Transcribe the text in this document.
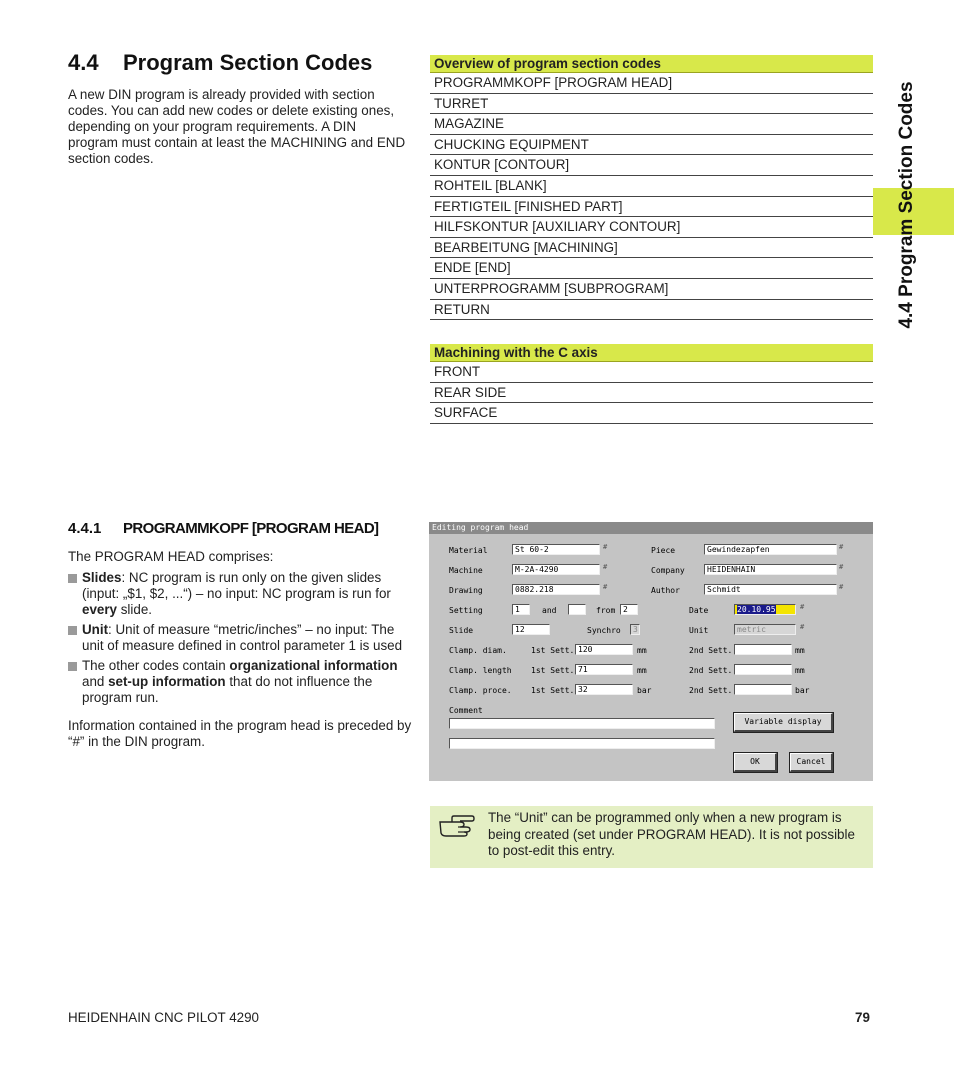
4.4 Program Section Codes
A new DIN program is already provided with section codes. You can add new codes or delete existing ones, depending on your program requirements. A DIN program must contain at least the MACHINING and END section codes.	4.4 Program Section Codes
Overview of program section codes
PROGRAMMKOPF [PROGRAM HEAD]
TURRET
MAGAZINE
CHUCKING EQUIPMENT
KONTUR [CONTOUR]
ROHTEIL [BLANK]
FERTIGTEIL [FINISHED PART]
HILFSKONTUR [AUXILIARY CONTOUR]
BEARBEITUNG [MACHINING]
ENDE [END]
UNTERPROGRAMM [SUBPROGRAM]
RETURN
Machining with the C axis
FRONT
REAR SIDE
SURFACE
4.4.1 PROGRAMMKOPF [PROGRAM HEAD]

The PROGRAM HEAD comprises:

Slides: NC program is run only on the given slides (input: „$1, $2, ...“) – no input: NC program is run for every slide.
Unit: Unit of measure “metric/inches” – no input: The unit of measure defined in control parameter 1 is used
The other codes contain organizational information and set-up information that do not influence the program run.

Information contained in the program head is preceded by “#” in the DIN program.

Editing program head
Material	St 60-2	#	Piece	Gewindezapfen	#
Machine	M-2A-4290	#	Company	HEIDENHAIN	#
Drawing	0882.218	#	Author	Schmidt	#
Setting	1	and	from 2	Date	20.10.95	#
Slide	12	Synchro	3	Unit	metric	#
Clamp. diam.	1st Sett. 120	mm	2nd Sett.	mm
Clamp. length 1st Sett. 71	mm	2nd Sett.	mm
Clamp. proce. 1st Sett. 32	bar	2nd Sett.	bar
Comment
Variable display
OK	Cancel
The “Unit” can be programmed only when a new program is being created (set under PROGRAM HEAD). It is not possible to post-edit this entry.
HEIDENHAIN CNC PILOT 4290	79
